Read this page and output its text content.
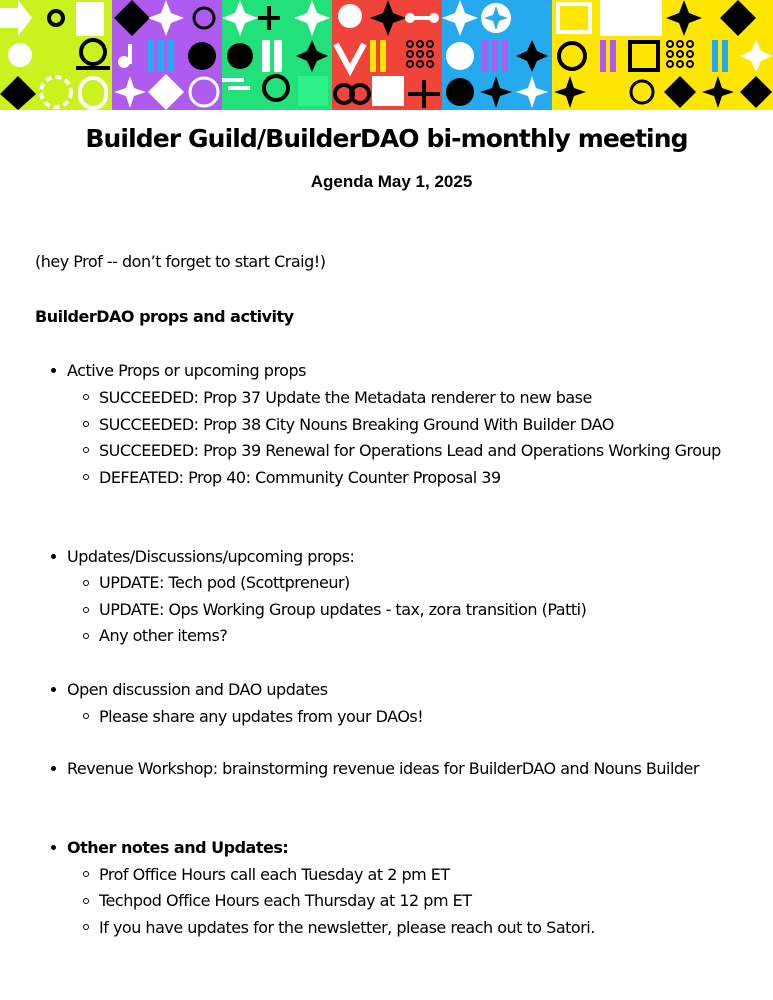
Builder Guild/BuilderDAO bi-monthly meeting
Agenda May 1, 2025
(hey Prof -- don’t forget to start Craig!)
BuilderDAO props and activity
Active Props or upcoming props
SUCCEEDED: Prop 37 Update the Metadata renderer to new base
SUCCEEDED: Prop 38 City Nouns Breaking Ground With Builder DAO
SUCCEEDED: Prop 39 Renewal for Operations Lead and Operations Working Group
DEFEATED: Prop 40: Community Counter Proposal 39
Updates/Discussions/upcoming props:
UPDATE: Tech pod (Scottpreneur)
UPDATE: Ops Working Group updates - tax, zora transition (Patti)
Any other items?
Open discussion and DAO updates
Please share any updates from your DAOs!
Revenue Workshop: brainstorming revenue ideas for BuilderDAO and Nouns Builder
Other notes and Updates:
Prof Office Hours call each Tuesday at 2 pm ET
Techpod Office Hours each Thursday at 12 pm ET
If you have updates for the newsletter, please reach out to Satori.
